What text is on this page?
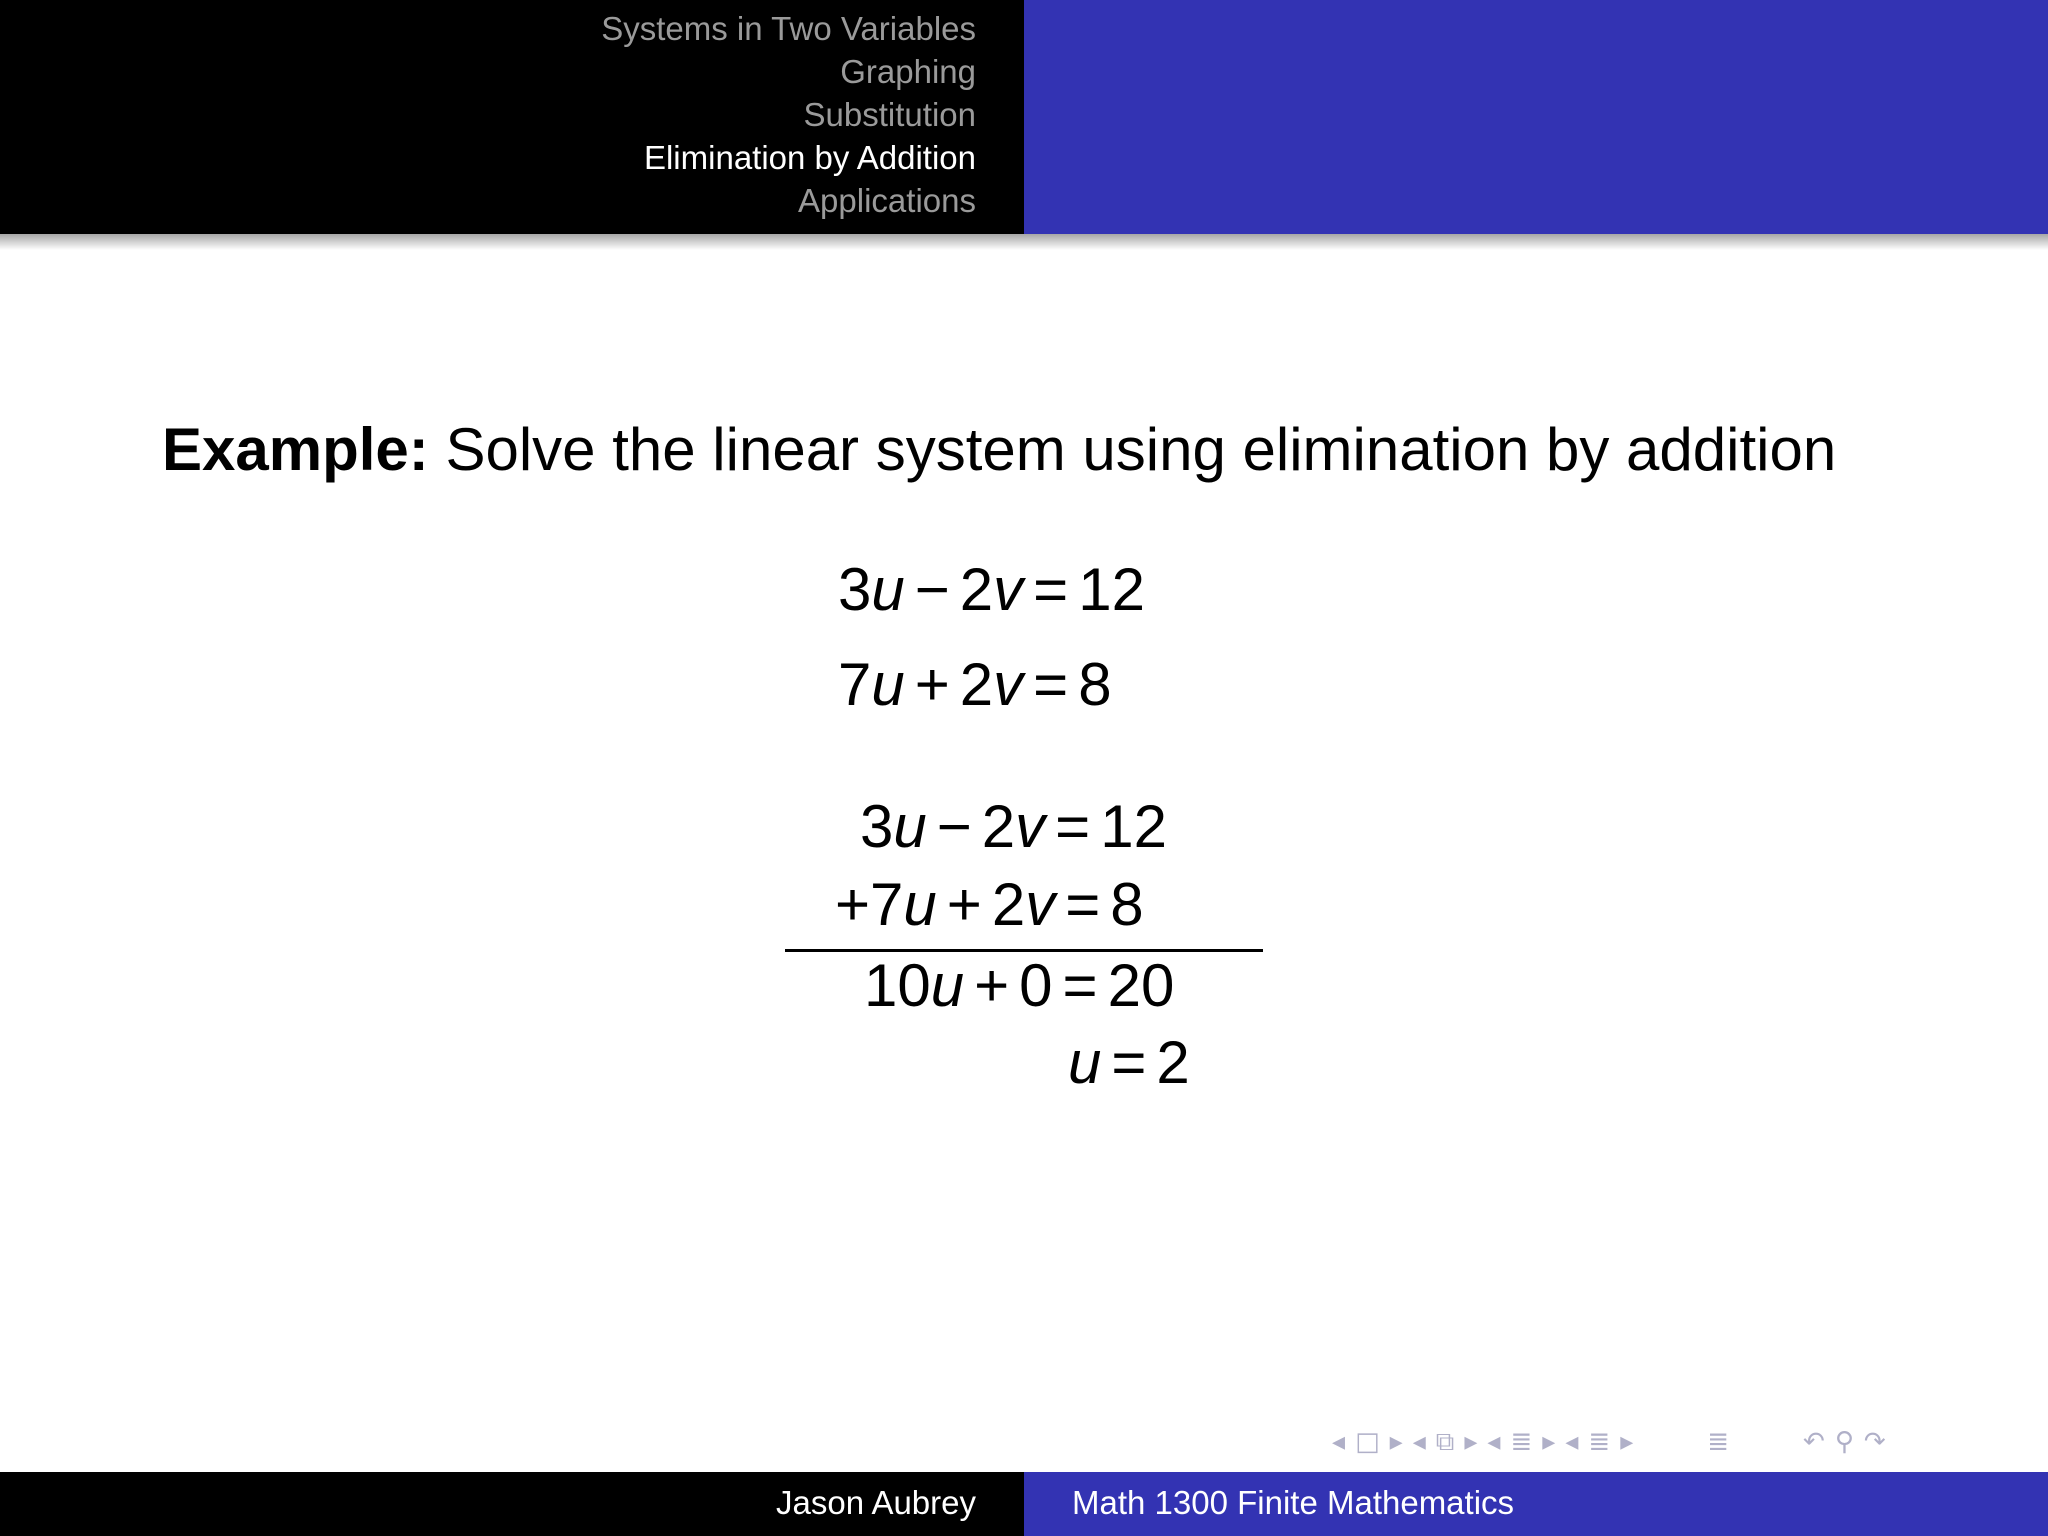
Systems in Two Variables
Graphing
Substitution
Elimination by Addition
Applications
Example: Solve the linear system using elimination by addition
3u − 2v = 12
7u + 2v = 8
3u − 2v = 12
+7u + 2v = 8
10u + 0 = 20
u = 2
◂ □ ▸ ◂ ⧉ ▸ ◂ ≣ ▸ ◂ ≣ ▸	≣	↶ ⚲ ↷
Jason Aubrey	Math 1300 Finite Mathematics
